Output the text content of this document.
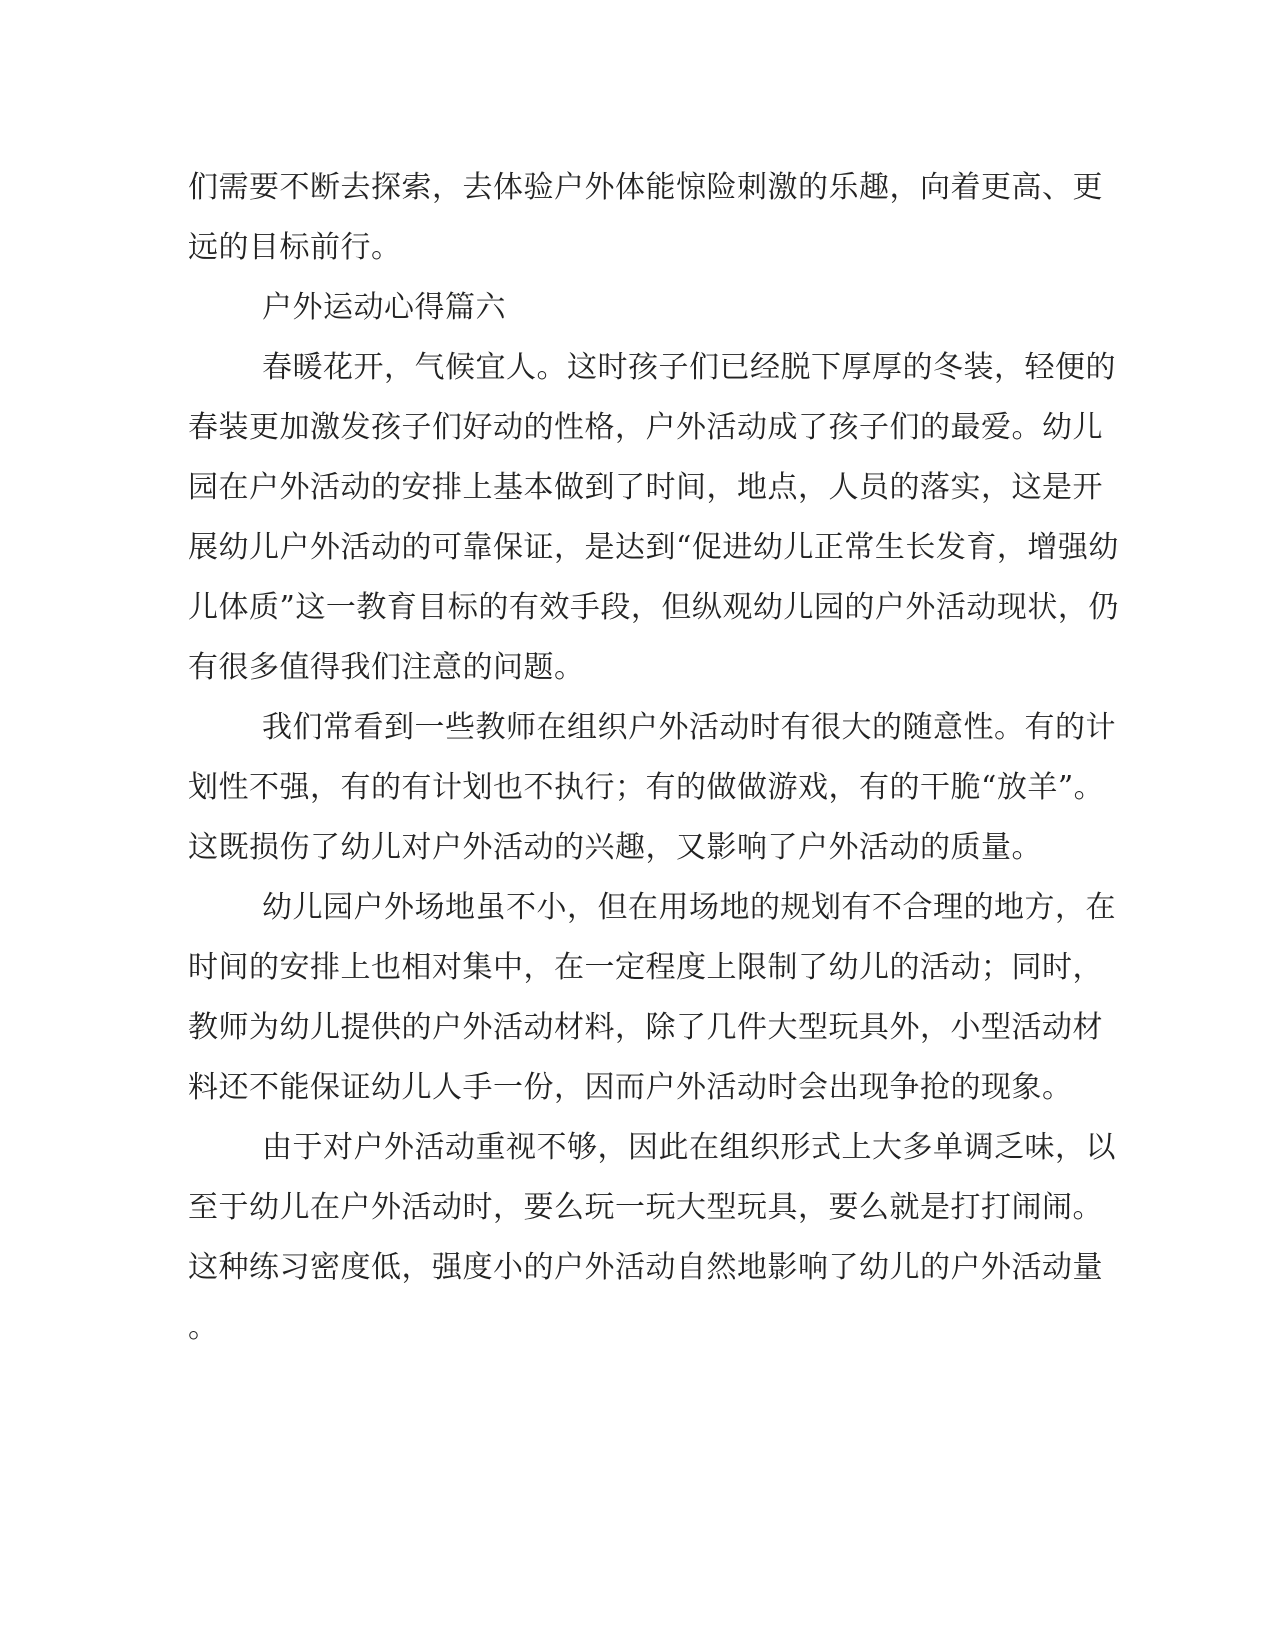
们需要不断去探索，去体验户外体能惊险刺激的乐趣，向着更高、更
远的目标前行。
户外运动心得篇六
春暖花开，气候宜人。这时孩子们已经脱下厚厚的冬装，轻便的
春装更加激发孩子们好动的性格，户外活动成了孩子们的最爱。幼儿
园在户外活动的安排上基本做到了时间，地点，人员的落实，这是开
展幼儿户外活动的可靠保证，是达到“促进幼儿正常生长发育，增强幼
儿体质”这一教育目标的有效手段，但纵观幼儿园的户外活动现状，仍
有很多值得我们注意的问题。
我们常看到一些教师在组织户外活动时有很大的随意性。有的计
划性不强，有的有计划也不执行；有的做做游戏，有的干脆“放羊”。
这既损伤了幼儿对户外活动的兴趣，又影响了户外活动的质量。
幼儿园户外场地虽不小，但在用场地的规划有不合理的地方，在
时间的安排上也相对集中，在一定程度上限制了幼儿的活动；同时，
教师为幼儿提供的户外活动材料，除了几件大型玩具外，小型活动材
料还不能保证幼儿人手一份，因而户外活动时会出现争抢的现象。
由于对户外活动重视不够，因此在组织形式上大多单调乏味，以
至于幼儿在户外活动时，要么玩一玩大型玩具，要么就是打打闹闹。
这种练习密度低，强度小的户外活动自然地影响了幼儿的户外活动量
。
